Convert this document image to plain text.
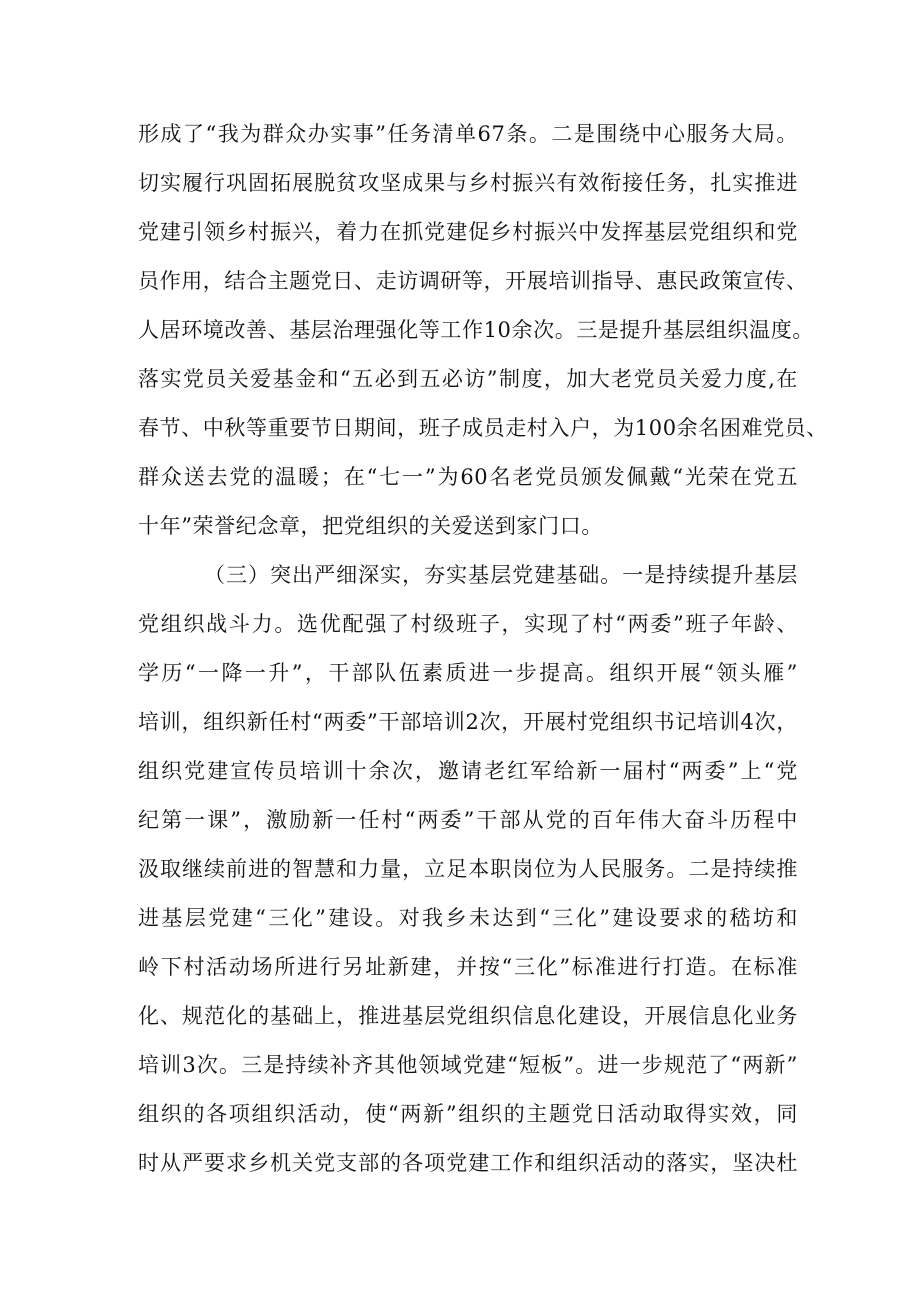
形成了“我为群众办实事”任务清单67条。二是围绕中心服务大局。
切实履行巩固拓展脱贫攻坚成果与乡村振兴有效衔接任务，扎实推进
党建引领乡村振兴，着力在抓党建促乡村振兴中发挥基层党组织和党
员作用，结合主题党日、走访调研等，开展培训指导、惠民政策宣传、
人居环境改善、基层治理强化等工作10余次。三是提升基层组织温度。
落实党员关爱基金和“五必到五必访”制度，加大老党员关爱力度,在
春节、中秋等重要节日期间，班子成员走村入户，为100余名困难党员、
群众送去党的温暖；在“七一”为60名老党员颁发佩戴“光荣在党五
十年”荣誉纪念章，把党组织的关爱送到家门口。
（三）突出严细深实，夯实基层党建基础。一是持续提升基层
党组织战斗力。选优配强了村级班子，实现了村“两委”班子年龄、
学历“一降一升”，干部队伍素质进一步提高。组织开展“领头雁”
培训，组织新任村“两委”干部培训2次，开展村党组织书记培训4次，
组织党建宣传员培训十余次，邀请老红军给新一届村“两委”上“党
纪第一课”，激励新一任村“两委”干部从党的百年伟大奋斗历程中
汲取继续前进的智慧和力量，立足本职岗位为人民服务。二是持续推
进基层党建“三化”建设。对我乡未达到“三化”建设要求的嵇坊和
岭下村活动场所进行另址新建，并按“三化”标准进行打造。在标准
化、规范化的基础上，推进基层党组织信息化建设，开展信息化业务
培训3次。三是持续补齐其他领域党建“短板”。进一步规范了“两新”
组织的各项组织活动，使“两新”组织的主题党日活动取得实效，同
时从严要求乡机关党支部的各项党建工作和组织活动的落实，坚决杜
